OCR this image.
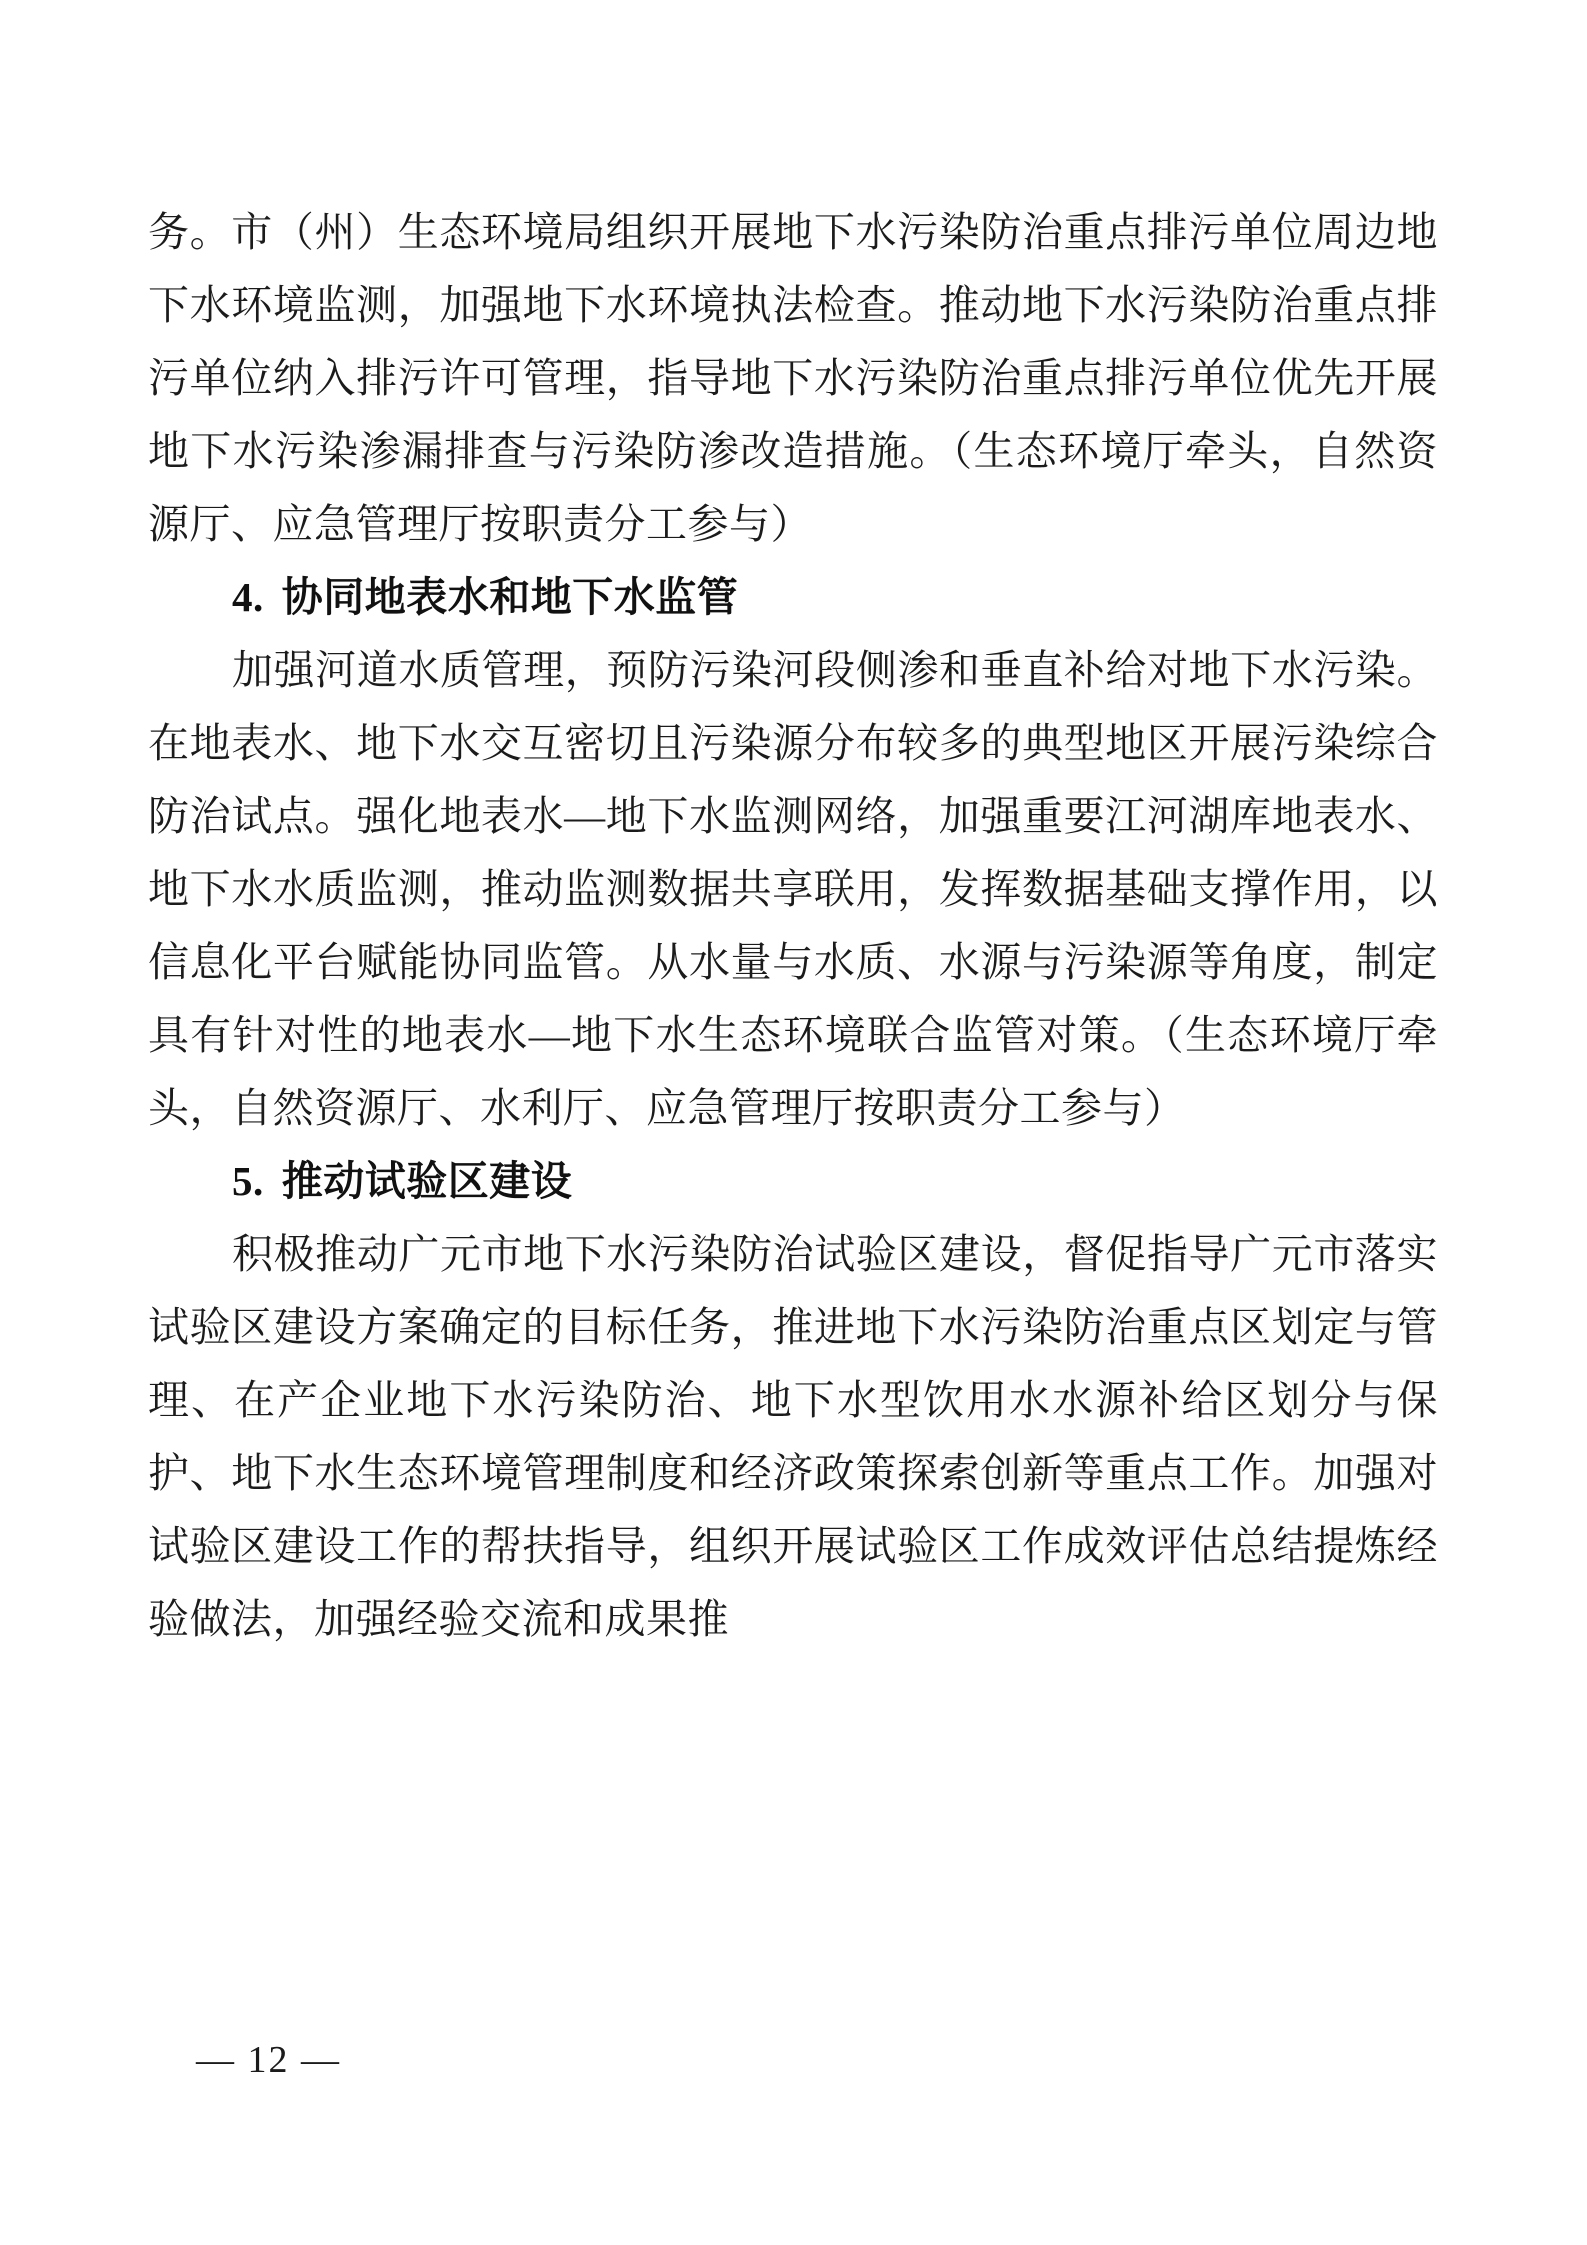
务。市（州）生态环境局组织开展地下水污染防治重点排污单位周边地下水环境监测，加强地下水环境执法检查。推动地下水污染防治重点排污单位纳入排污许可管理，指导地下水污染防治重点排污单位优先开展地下水污染渗漏排查与污染防渗改造措施。（生态环境厅牵头，自然资源厅、应急管理厅按职责分工参与）

4. 协同地表水和地下水监管

加强河道水质管理，预防污染河段侧渗和垂直补给对地下水污染。在地表水、地下水交互密切且污染源分布较多的典型地区开展污染综合防治试点。强化地表水—地下水监测网络，加强重要江河湖库地表水、地下水水质监测，推动监测数据共享联用，发挥数据基础支撑作用，以信息化平台赋能协同监管。从水量与水质、水源与污染源等角度，制定具有针对性的地表水—地下水生态环境联合监管对策。（生态环境厅牵头，自然资源厅、水利厅、应急管理厅按职责分工参与）

5. 推动试验区建设

积极推动广元市地下水污染防治试验区建设，督促指导广元市落实试验区建设方案确定的目标任务，推进地下水污染防治重点区划定与管理、在产企业地下水污染防治、地下水型饮用水水源补给区划分与保护、地下水生态环境管理制度和经济政策探索创新等重点工作。加强对试验区建设工作的帮扶指导，组织开展试验区工作成效评估总结提炼经验做法，加强经验交流和成果推

— 12 —
